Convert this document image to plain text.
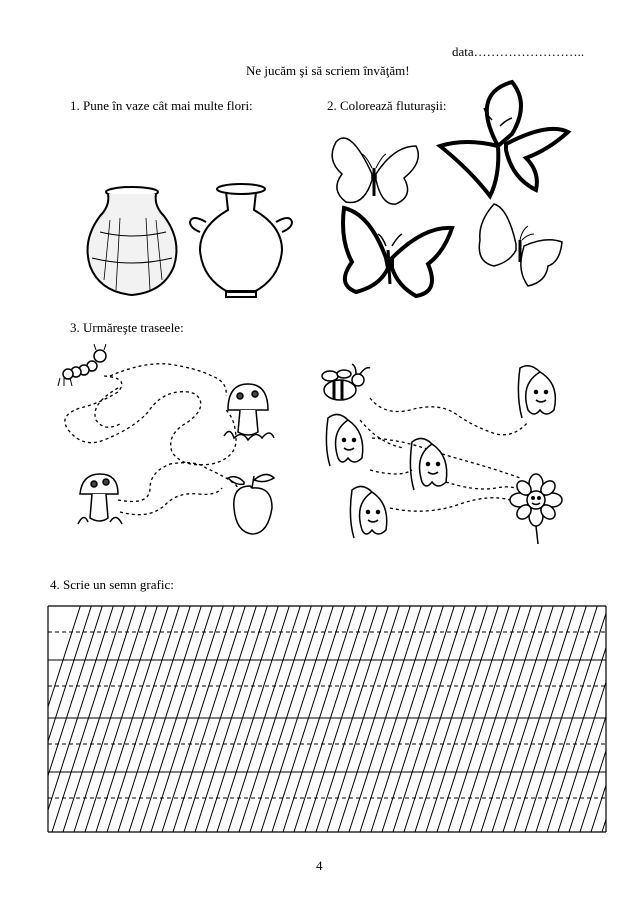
data……………………..
Ne jucăm şi să scriem învăţăm!
1. Pune în vaze cât mai multe flori:	2. Colorează fluturaşii:
3. Urmăreşte traseele:
4. Scrie un semn grafic:
4
